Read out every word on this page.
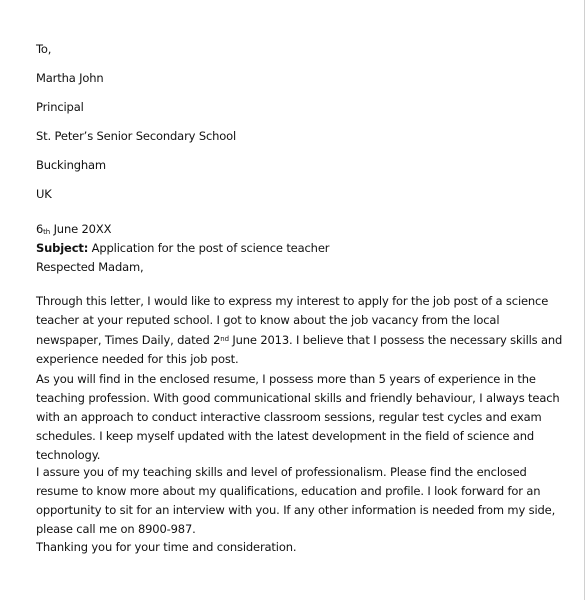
To,
Martha John
Principal
St. Peter’s Senior Secondary School
Buckingham
UK
6th June 20XX
Subject: Application for the post of science teacher
Respected Madam,
Through this letter, I would like to express my interest to apply for the job post of a science teacher at your reputed school. I got to know about the job vacancy from the local newspaper, Times Daily, dated 2nd June 2013. I believe that I possess the necessary skills and experience needed for this job post.
As you will find in the enclosed resume, I possess more than 5 years of experience in the teaching profession. With good communicational skills and friendly behaviour, I always teach with an approach to conduct interactive classroom sessions, regular test cycles and exam schedules. I keep myself updated with the latest development in the field of science and technology.
I assure you of my teaching skills and level of professionalism. Please find the enclosed resume to know more about my qualifications, education and profile. I look forward for an opportunity to sit for an interview with you. If any other information is needed from my side, please call me on 8900-987.
Thanking you for your time and consideration.
